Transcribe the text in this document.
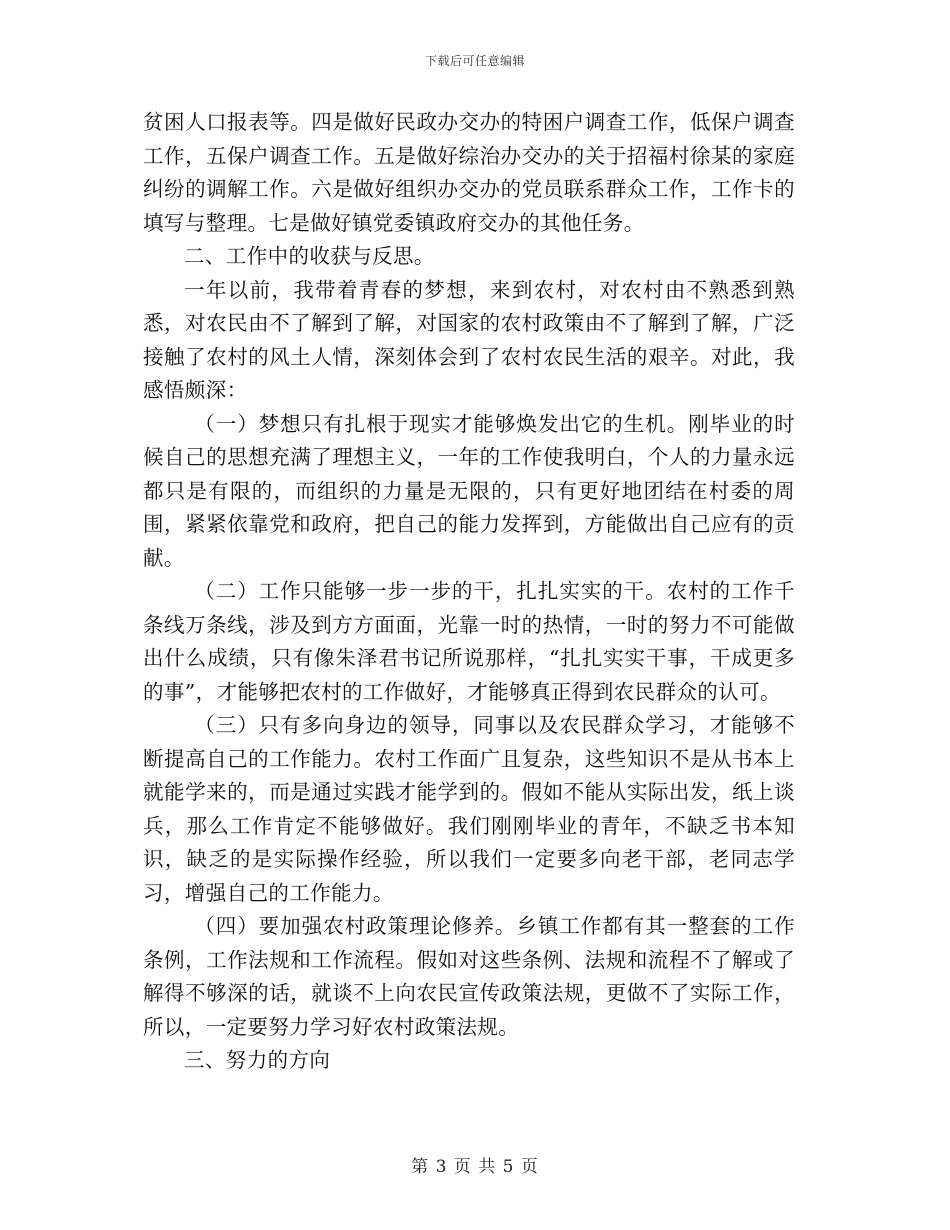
下载后可任意编辑

贫困人口报表等。四是做好民政办交办的特困户调查工作，低保户调查工作，五保户调查工作。五是做好综治办交办的关于招福村徐某的家庭纠纷的调解工作。六是做好组织办交办的党员联系群众工作，工作卡的填写与整理。七是做好镇党委镇政府交办的其他任务。

二、工作中的收获与反思。

一年以前，我带着青春的梦想，来到农村，对农村由不熟悉到熟悉，对农民由不了解到了解，对国家的农村政策由不了解到了解，广泛接触了农村的风土人情，深刻体会到了农村农民生活的艰辛。对此，我感悟颇深：

（一）梦想只有扎根于现实才能够焕发出它的生机。刚毕业的时候自己的思想充满了理想主义，一年的工作使我明白，个人的力量永远都只是有限的，而组织的力量是无限的，只有更好地团结在村委的周围，紧紧依靠党和政府，把自己的能力发挥到，方能做出自己应有的贡献。

（二）工作只能够一步一步的干，扎扎实实的干。农村的工作千条线万条线，涉及到方方面面，光靠一时的热情，一时的努力不可能做出什么成绩，只有像朱泽君书记所说那样，“扎扎实实干事，干成更多的事”，才能够把农村的工作做好，才能够真正得到农民群众的认可。

（三）只有多向身边的领导，同事以及农民群众学习，才能够不断提高自己的工作能力。农村工作面广且复杂，这些知识不是从书本上就能学来的，而是通过实践才能学到的。假如不能从实际出发，纸上谈兵，那么工作肯定不能够做好。我们刚刚毕业的青年，不缺乏书本知识，缺乏的是实际操作经验，所以我们一定要多向老干部，老同志学习，增强自己的工作能力。

（四）要加强农村政策理论修养。乡镇工作都有其一整套的工作条例，工作法规和工作流程。假如对这些条例、法规和流程不了解或了解得不够深的话，就谈不上向农民宣传政策法规，更做不了实际工作，所以，一定要努力学习好农村政策法规。

三、努力的方向

第 3 页 共 5 页
